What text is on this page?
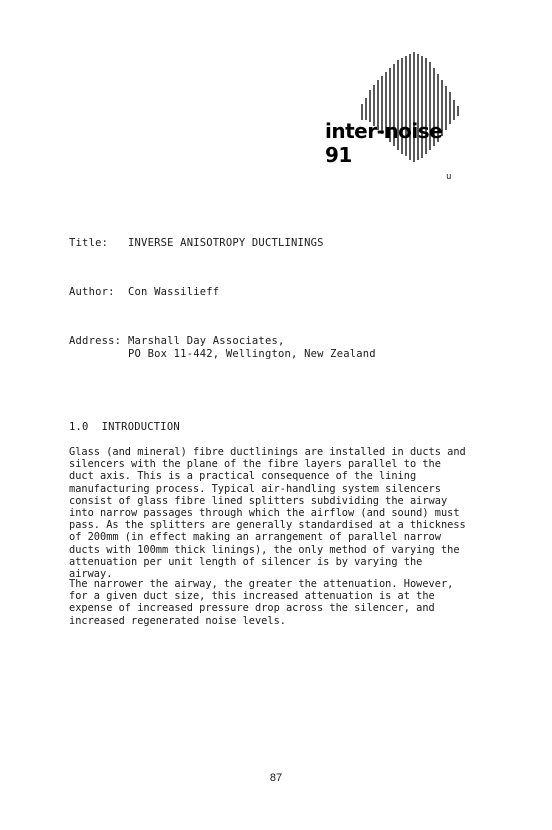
inter-noise 91
u
Title: INVERSE ANISOTROPY DUCTLININGS
Author: Con Wassilieff
Address: Marshall Day Associates,
PO Box 11-442, Wellington, New Zealand
1.0  INTRODUCTION
Glass (and mineral) fibre ductlinings are installed in ducts and silencers with the plane of the fibre layers parallel to the duct axis. This is a practical consequence of the lining manufacturing process. Typical air-handling system silencers consist of glass fibre lined splitters subdividing the airway into narrow passages through which the airflow (and sound) must pass. As the splitters are generally standardised at a thickness of 200mm (in effect making an arrangement of parallel narrow ducts with 100mm thick linings), the only method of varying the attenuation per unit length of silencer is by varying the airway.
The narrower the airway, the greater the attenuation. However, for a given duct size, this increased attenuation is at the expense of increased pressure drop across the silencer, and increased regenerated noise levels.
87
